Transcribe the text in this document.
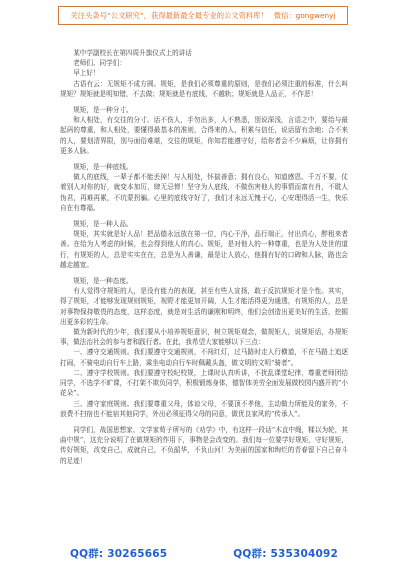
关注头条号“公文研究”，获得最新最全最专业的公文资料库！ 微信：gongwenyj

某中学副校长在第四周升旗仪式上的讲话

老师们、同学们：

早上好！

古语有云：无规矩不成方圆。规矩，是我们必须尊重的原则，是我们必须注重的标准，什么叫规矩？规矩就是明知错，不去做；规矩就是有底线，不越轨；规矩就是人品正，不作恶！

规矩，是一种分寸。

和人相处，有交往的分寸。话不伤人，手勿出多，人不熟悉，别说深浅，言语之中，要给与最起码的尊重，和人相处，要懂得最基本的准则，合得来的人，积累与信任，说话留有余地；合不来的人，要划清界限，别与面俗难堪，交往的规矩，你知若能遵守好，给你者会不少麻烦，让你拥有更多人脉。

规矩，是一种底线。

做人的底线，一辈子都不能丢掉！与人相处，怀揣善意；拥有良心，知道感恩。千万不要，仗着别人对你的好，就变本加厉，肆无忌惮！坚守为人底线，不做伤害他人的事情而富有肖，不耽人伪君，再难再累，不坑蒙拐骗。心里的底线守好了，我们才永远无愧于心，心安理得活一生，快乐自在有尊福。

规矩，是一种人品。

规矩，其实就是好人品！把品德永远放在第一位，内心干净，品行端正，付出真心，醉租来者善。在给为人考虑的时候，也会得到他人的真心。规矩，是对他人的一种尊重，也是为人处世的道行，有规矩的人，总是实实在在，总是为人善谦，最是让人放心，他拥有好的口碑和人脉，路也会越走越宽。

规矩，是一种态度。

有人觉得守规矩的人，是没有能力的表现，甚至有些人宣扬，敢于反抗规矩才是个性。其实，得了规矩，才能够发现规则规矩，视野才能更加开阔，人生才能活得更为通透，有规矩的人，总是对事物保持敬畏的态度，这样态度，就是对生活的谦刚和明终，他们会创造出更美好的生活，挖掘出更多彩的生命。

做为新时代的少年，我们要从小培养规矩意识，树立规矩观念，做规矩人，说规矩话，办规矩事，做法治社会的参与者和践行者。在此，我希望大家能够以下三点：

一、遵守交通规则。我们要遵守交通规则，不闯红灯，过马路时走人行横道，不在马路上追逐打闹，不骑电动自行车上路，乘坐电动自行车时佩戴头盔，做文明的文明“骑者”。

二、遵守学校规则。我们要遵守校纪校规，上课时认真听讲，不扰乱课堂纪律，尊重老师团结同学，不选学不旷课，不打架不欺负同学，积极锻炼身体，德智体美劳全面发展做校园内盛开的“小花朵”。

三、遵守家庭规则。我们要尊重父母，体谅父母，不要顶不孝他，主动做力所能及的家务，不浪费不扫宿也不能宿其他同学，外出必须征得父母的同意，做优良家风的“传承人”。

同学们，战国思想家、文学家荀子所写的《劝学》中，有这样一段话“木直中绳，糅以为轮，其曲中规”，这充分说明了在做规矩的作用下，事物是会改变的。我们每一位要学好规矩，守好规矩，传好规矩，改变自己，成就自己，不负韶华，不负山河！为美丽的国家和绚烂的青春留下自己奋斗的足迹！

QQ群: 30265665	QQ群: 535304092
